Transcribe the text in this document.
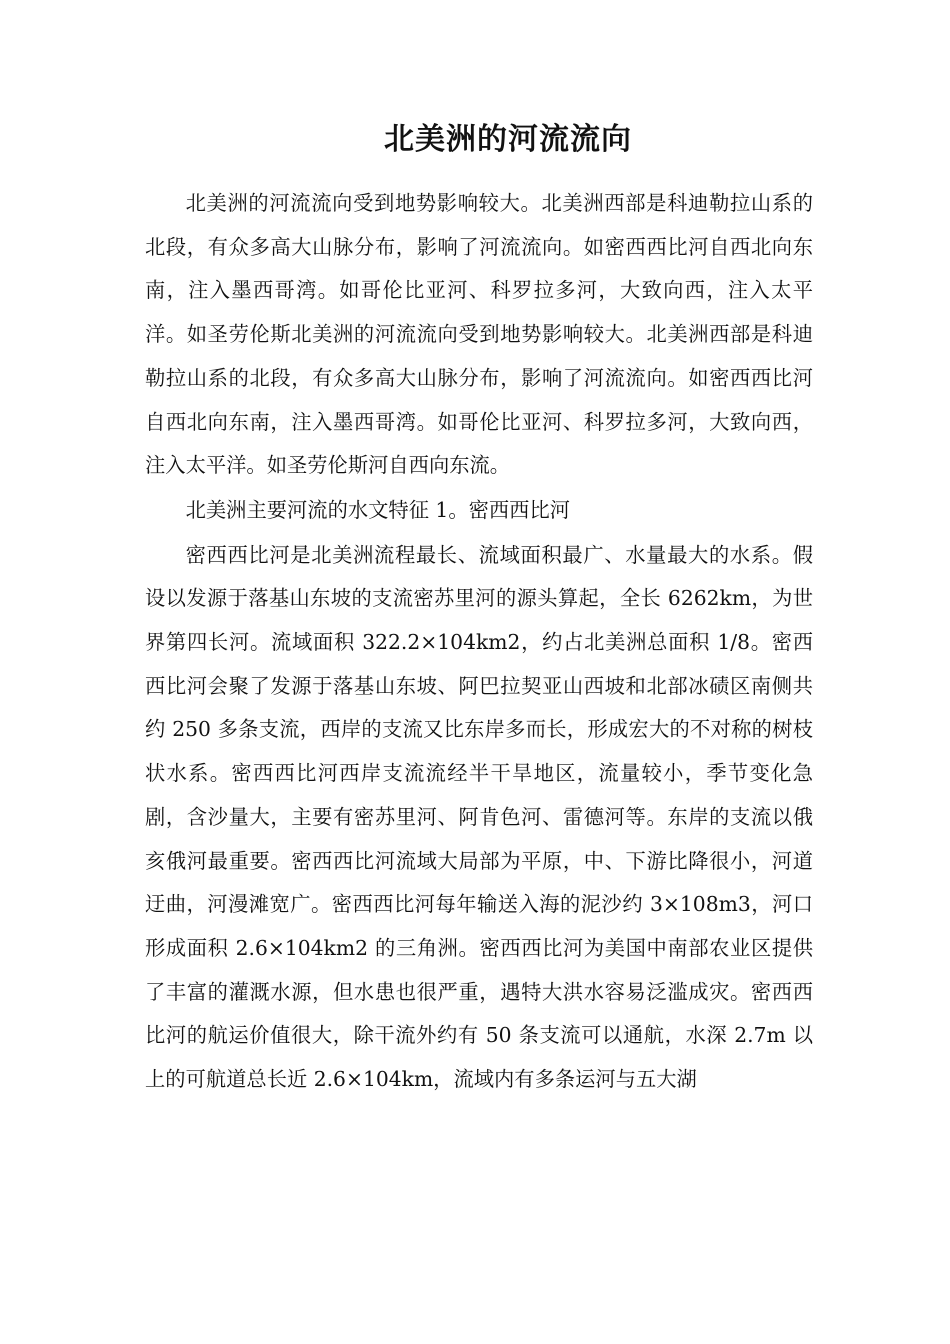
北美洲的河流流向

北美洲的河流流向受到地势影响较大。北美洲西部是科迪勒拉山系的北段，有众多高大山脉分布，影响了河流流向。如密西西比河自西北向东南，注入墨西哥湾。如哥伦比亚河、科罗拉多河，大致向西，注入太平洋。如圣劳伦斯北美洲的河流流向受到地势影响较大。北美洲西部是科迪勒拉山系的北段，有众多高大山脉分布，影响了河流流向。如密西西比河自西北向东南，注入墨西哥湾。如哥伦比亚河、科罗拉多河，大致向西，注入太平洋。如圣劳伦斯河自西向东流。

北美洲主要河流的水文特征 1。密西西比河

密西西比河是北美洲流程最长、流域面积最广、水量最大的水系。假设以发源于落基山东坡的支流密苏里河的源头算起，全长 6262km，为世界第四长河。流域面积 322.2×104km2，约占北美洲总面积 1/8。密西西比河会聚了发源于落基山东坡、阿巴拉契亚山西坡和北部冰碛区南侧共约 250 多条支流，西岸的支流又比东岸多而长，形成宏大的不对称的树枝状水系。密西西比河西岸支流流经半干旱地区，流量较小，季节变化急剧，含沙量大，主要有密苏里河、阿肯色河、雷德河等。东岸的支流以俄亥俄河最重要。密西西比河流域大局部为平原，中、下游比降很小，河道迂曲，河漫滩宽广。密西西比河每年输送入海的泥沙约 3×108m3，河口形成面积 2.6×104km2 的三角洲。密西西比河为美国中南部农业区提供了丰富的灌溉水源，但水患也很严重，遇特大洪水容易泛滥成灾。密西西比河的航运价值很大，除干流外约有 50 条支流可以通航，水深 2.7m 以上的可航道总长近 2.6×104km，流域内有多条运河与五大湖
